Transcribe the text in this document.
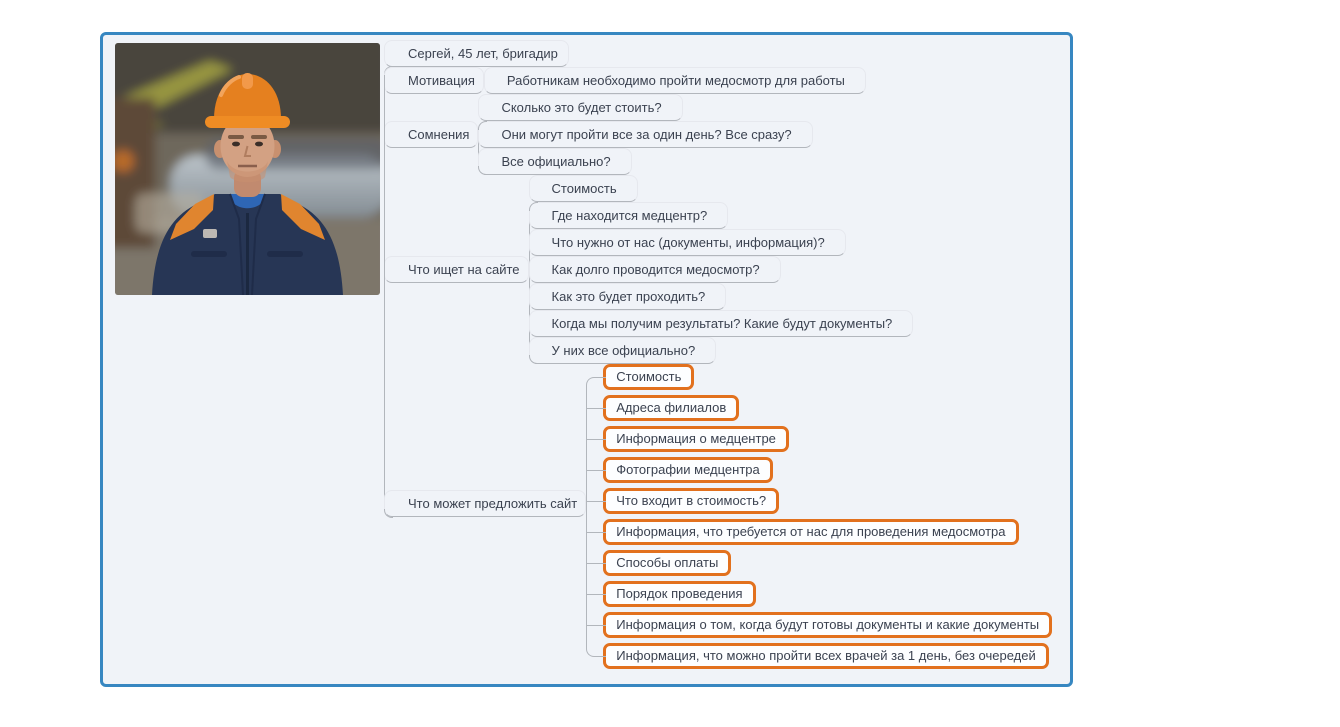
Сергей, 45 лет, бригадир
Мотивация	Работникам необходимо пройти медосмотр для работы
Сомнения
Сколько это будет стоить?
Они могут пройти все за один день? Все сразу?
Все официально?
Что ищет на сайте
Стоимость
Где находится медцентр?
Что нужно от нас (документы, информация)?
Как долго проводится медосмотр?
Как это будет проходить?
Когда мы получим результаты? Какие будут документы?
У них все официально?
Что может предложить сайт
Стоимость
Адреса филиалов
Информация о медцентре
Фотографии медцентра
Что входит в стоимость?
Информация, что требуется от нас для проведения медосмотра
Способы оплаты
Порядок проведения
Информация о том, когда будут готовы документы и какие документы
Информация, что можно пройти всех врачей за 1 день, без очередей
